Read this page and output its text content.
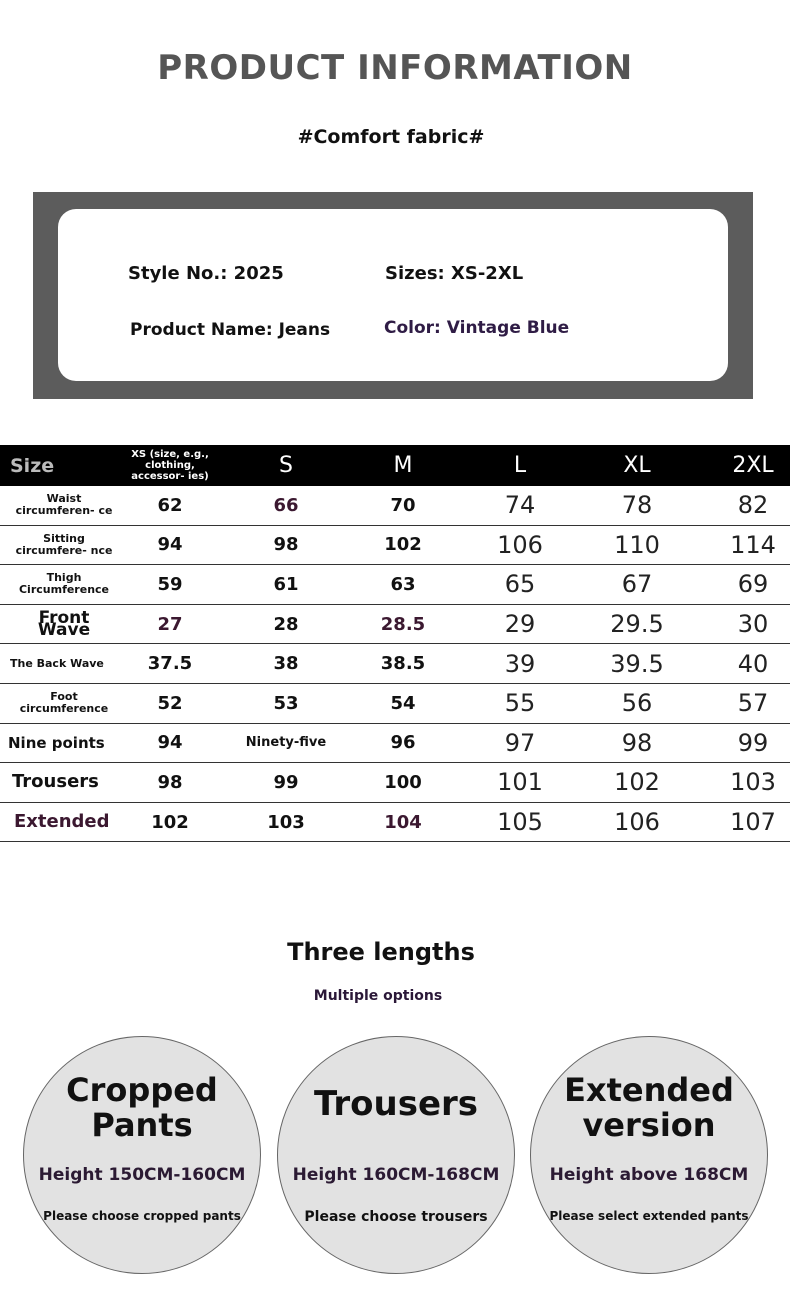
PRODUCT INFORMATION
#Comfort fabric#
Style No.: 2025	Sizes: XS-2XL
Product Name: Jeans	Color: Vintage Blue
Size	XS (size, e.g., clothing, accessor- ies)	S	M	L	XL	2XL
Waist circumferen- ce	62	66	70	74	78	82
Sitting circumfere- nce	94	98	102	106	110	114
Thigh Circumference	59	61	63	65	67	69
Front Wave	27	28	28.5	29	29.5	30
The Back Wave	37.5	38	38.5	39	39.5	40
Foot circumference	52	53	54	55	56	57
Nine points	94	Ninety-five	96	97	98	99
Trousers	98	99	100	101	102	103
Extended	102	103	104	105	106	107
Three lengths
Multiple options
Cropped
Pants
Height 150CM-160CM
Please choose cropped pants
Trousers
Height 160CM-168CM
Please choose trousers
Extended
version
Height above 168CM
Please select extended pants
